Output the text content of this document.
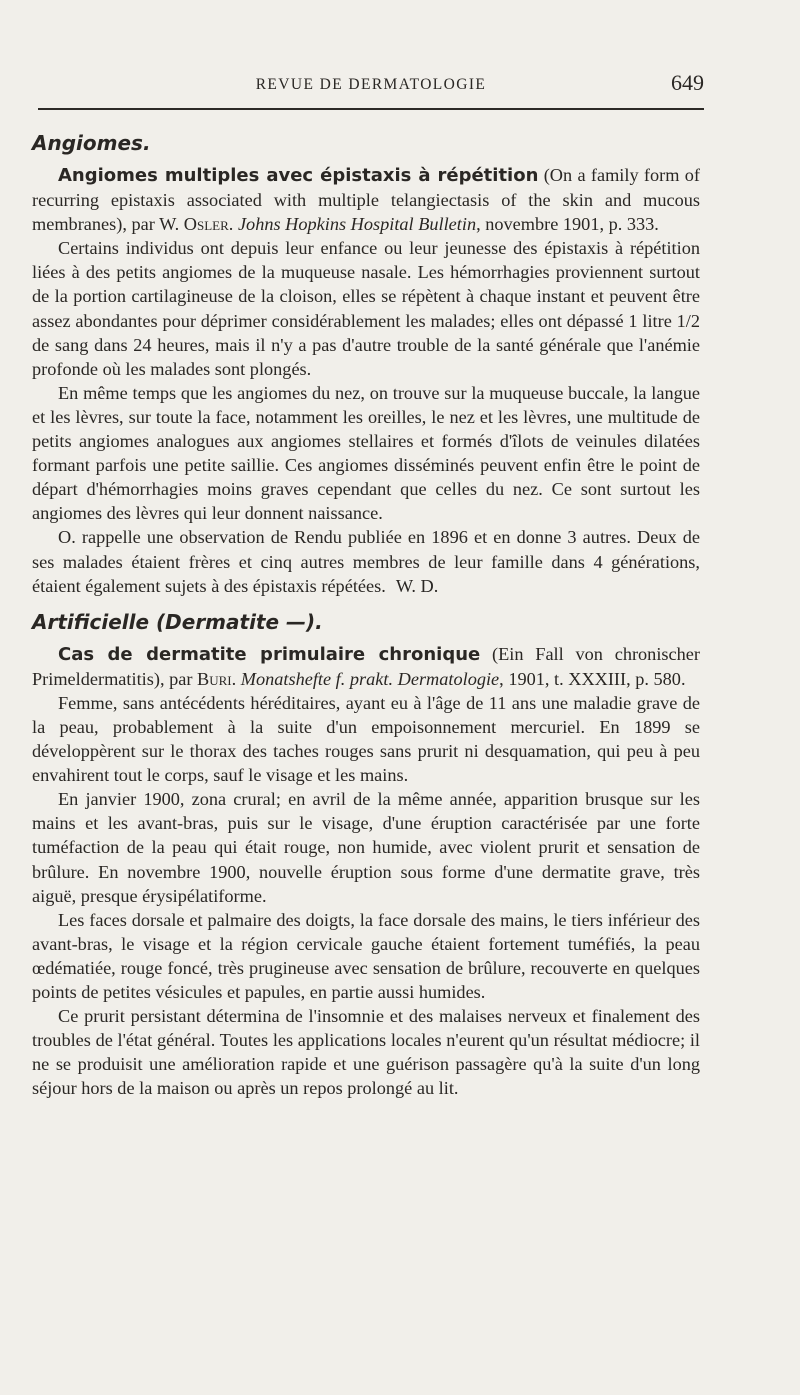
REVUE DE DERMATOLOGIE	649
Angiomes.

Angiomes multiples avec épistaxis à répétition (On a family form of recurring epistaxis associated with multiple telangiectasis of the skin and mucous membranes), par W. Osler. Johns Hopkins Hospital Bulletin, novembre 1901, p. 333.

Certains individus ont depuis leur enfance ou leur jeunesse des épistaxis à répétition liées à des petits angiomes de la muqueuse nasale. Les hémorrhagies proviennent surtout de la portion cartilagineuse de la cloison, elles se répètent à chaque instant et peuvent être assez abondantes pour déprimer considérablement les malades; elles ont dépassé 1 litre 1/2 de sang dans 24 heures, mais il n'y a pas d'autre trouble de la santé générale que l'anémie profonde où les malades sont plongés.

En même temps que les angiomes du nez, on trouve sur la muqueuse buccale, la langue et les lèvres, sur toute la face, notamment les oreilles, le nez et les lèvres, une multitude de petits angiomes analogues aux angiomes stellaires et formés d'îlots de veinules dilatées formant parfois une petite saillie. Ces angiomes disséminés peuvent enfin être le point de départ d'hémorrhagies moins graves cependant que celles du nez. Ce sont surtout les angiomes des lèvres qui leur donnent naissance.

O. rappelle une observation de Rendu publiée en 1896 et en donne 3 autres. Deux de ses malades étaient frères et cinq autres membres de leur famille dans 4 générations, étaient également sujets à des épistaxis répétées. W. D.

Artificielle (Dermatite —).

Cas de dermatite primulaire chronique (Ein Fall von chronischer Primeldermatitis), par Buri. Monatshefte f. prakt. Dermatologie, 1901, t. XXXIII, p. 580.

Femme, sans antécédents héréditaires, ayant eu à l'âge de 11 ans une maladie grave de la peau, probablement à la suite d'un empoisonnement mercuriel. En 1899 se développèrent sur le thorax des taches rouges sans prurit ni desquamation, qui peu à peu envahirent tout le corps, sauf le visage et les mains.

En janvier 1900, zona crural; en avril de la même année, apparition brusque sur les mains et les avant-bras, puis sur le visage, d'une éruption caractérisée par une forte tuméfaction de la peau qui était rouge, non humide, avec violent prurit et sensation de brûlure. En novembre 1900, nouvelle éruption sous forme d'une dermatite grave, très aiguë, presque érysipélatiforme.

Les faces dorsale et palmaire des doigts, la face dorsale des mains, le tiers inférieur des avant-bras, le visage et la région cervicale gauche étaient fortement tuméfiés, la peau œdématiée, rouge foncé, très prugineuse avec sensation de brûlure, recouverte en quelques points de petites vésicules et papules, en partie aussi humides.

Ce prurit persistant détermina de l'insomnie et des malaises nerveux et finalement des troubles de l'état général. Toutes les applications locales n'eurent qu'un résultat médiocre; il ne se produisit une amélioration rapide et une guérison passagère qu'à la suite d'un long séjour hors de la maison ou après un repos prolongé au lit.
